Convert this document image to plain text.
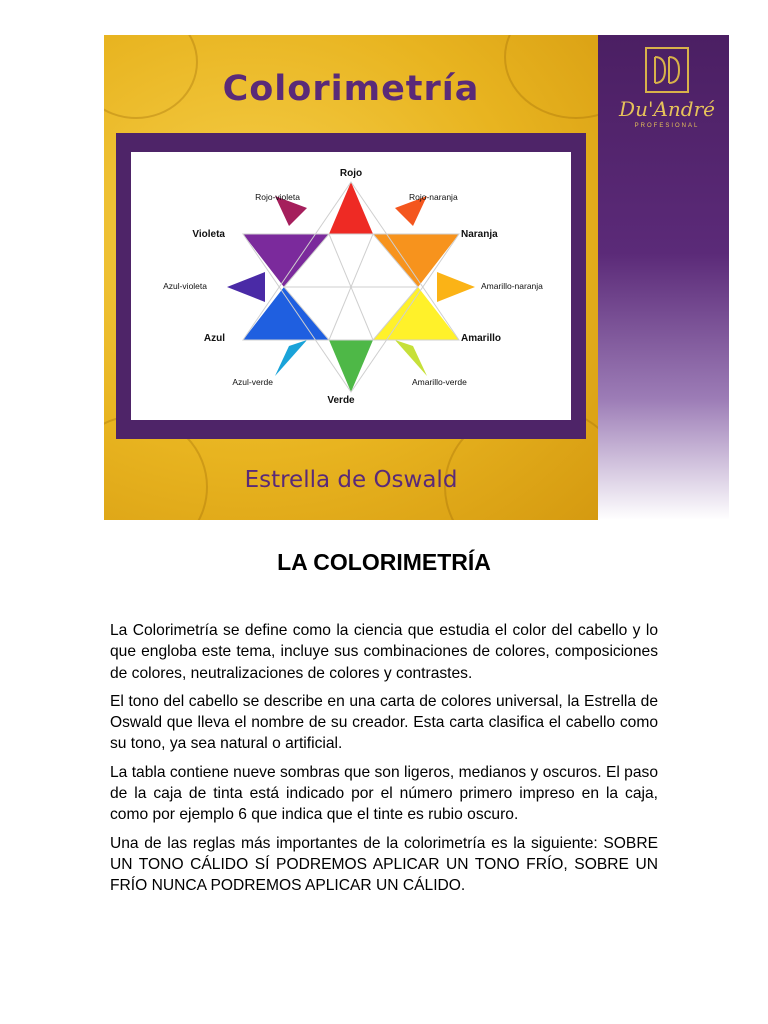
Colorimetría
Rojo
Rojo-naranja
Naranja
Amarillo-naranja
Amarillo
Amarillo-verde
Verde
Azul-verde
Azul
Azul-violeta
Violeta
Rojo-violeta
Estrella de Oswald
Du'André
PROFESIONAL
LA COLORIMETRÍA

La Colorimetría se define como la ciencia que estudia el color del cabello y lo que engloba este tema, incluye sus combinaciones de colores, composiciones de colores, neutralizaciones de colores y contrastes.

El tono del cabello se describe en una carta de colores universal, la Estrella de Oswald que lleva el nombre de su creador. Esta carta clasifica el cabello como su tono, ya sea natural o artificial.

La tabla contiene nueve sombras que son ligeros, medianos y oscuros. El paso de la caja de tinta está indicado por el número primero impreso en la caja, como por ejemplo 6 que indica que el tinte es rubio oscuro.

Una de las reglas más importantes de la colorimetría es la siguiente: SOBRE UN TONO CÁLIDO SÍ PODREMOS APLICAR UN TONO FRÍO, SOBRE UN FRÍO NUNCA PODREMOS APLICAR UN CÁLIDO.
